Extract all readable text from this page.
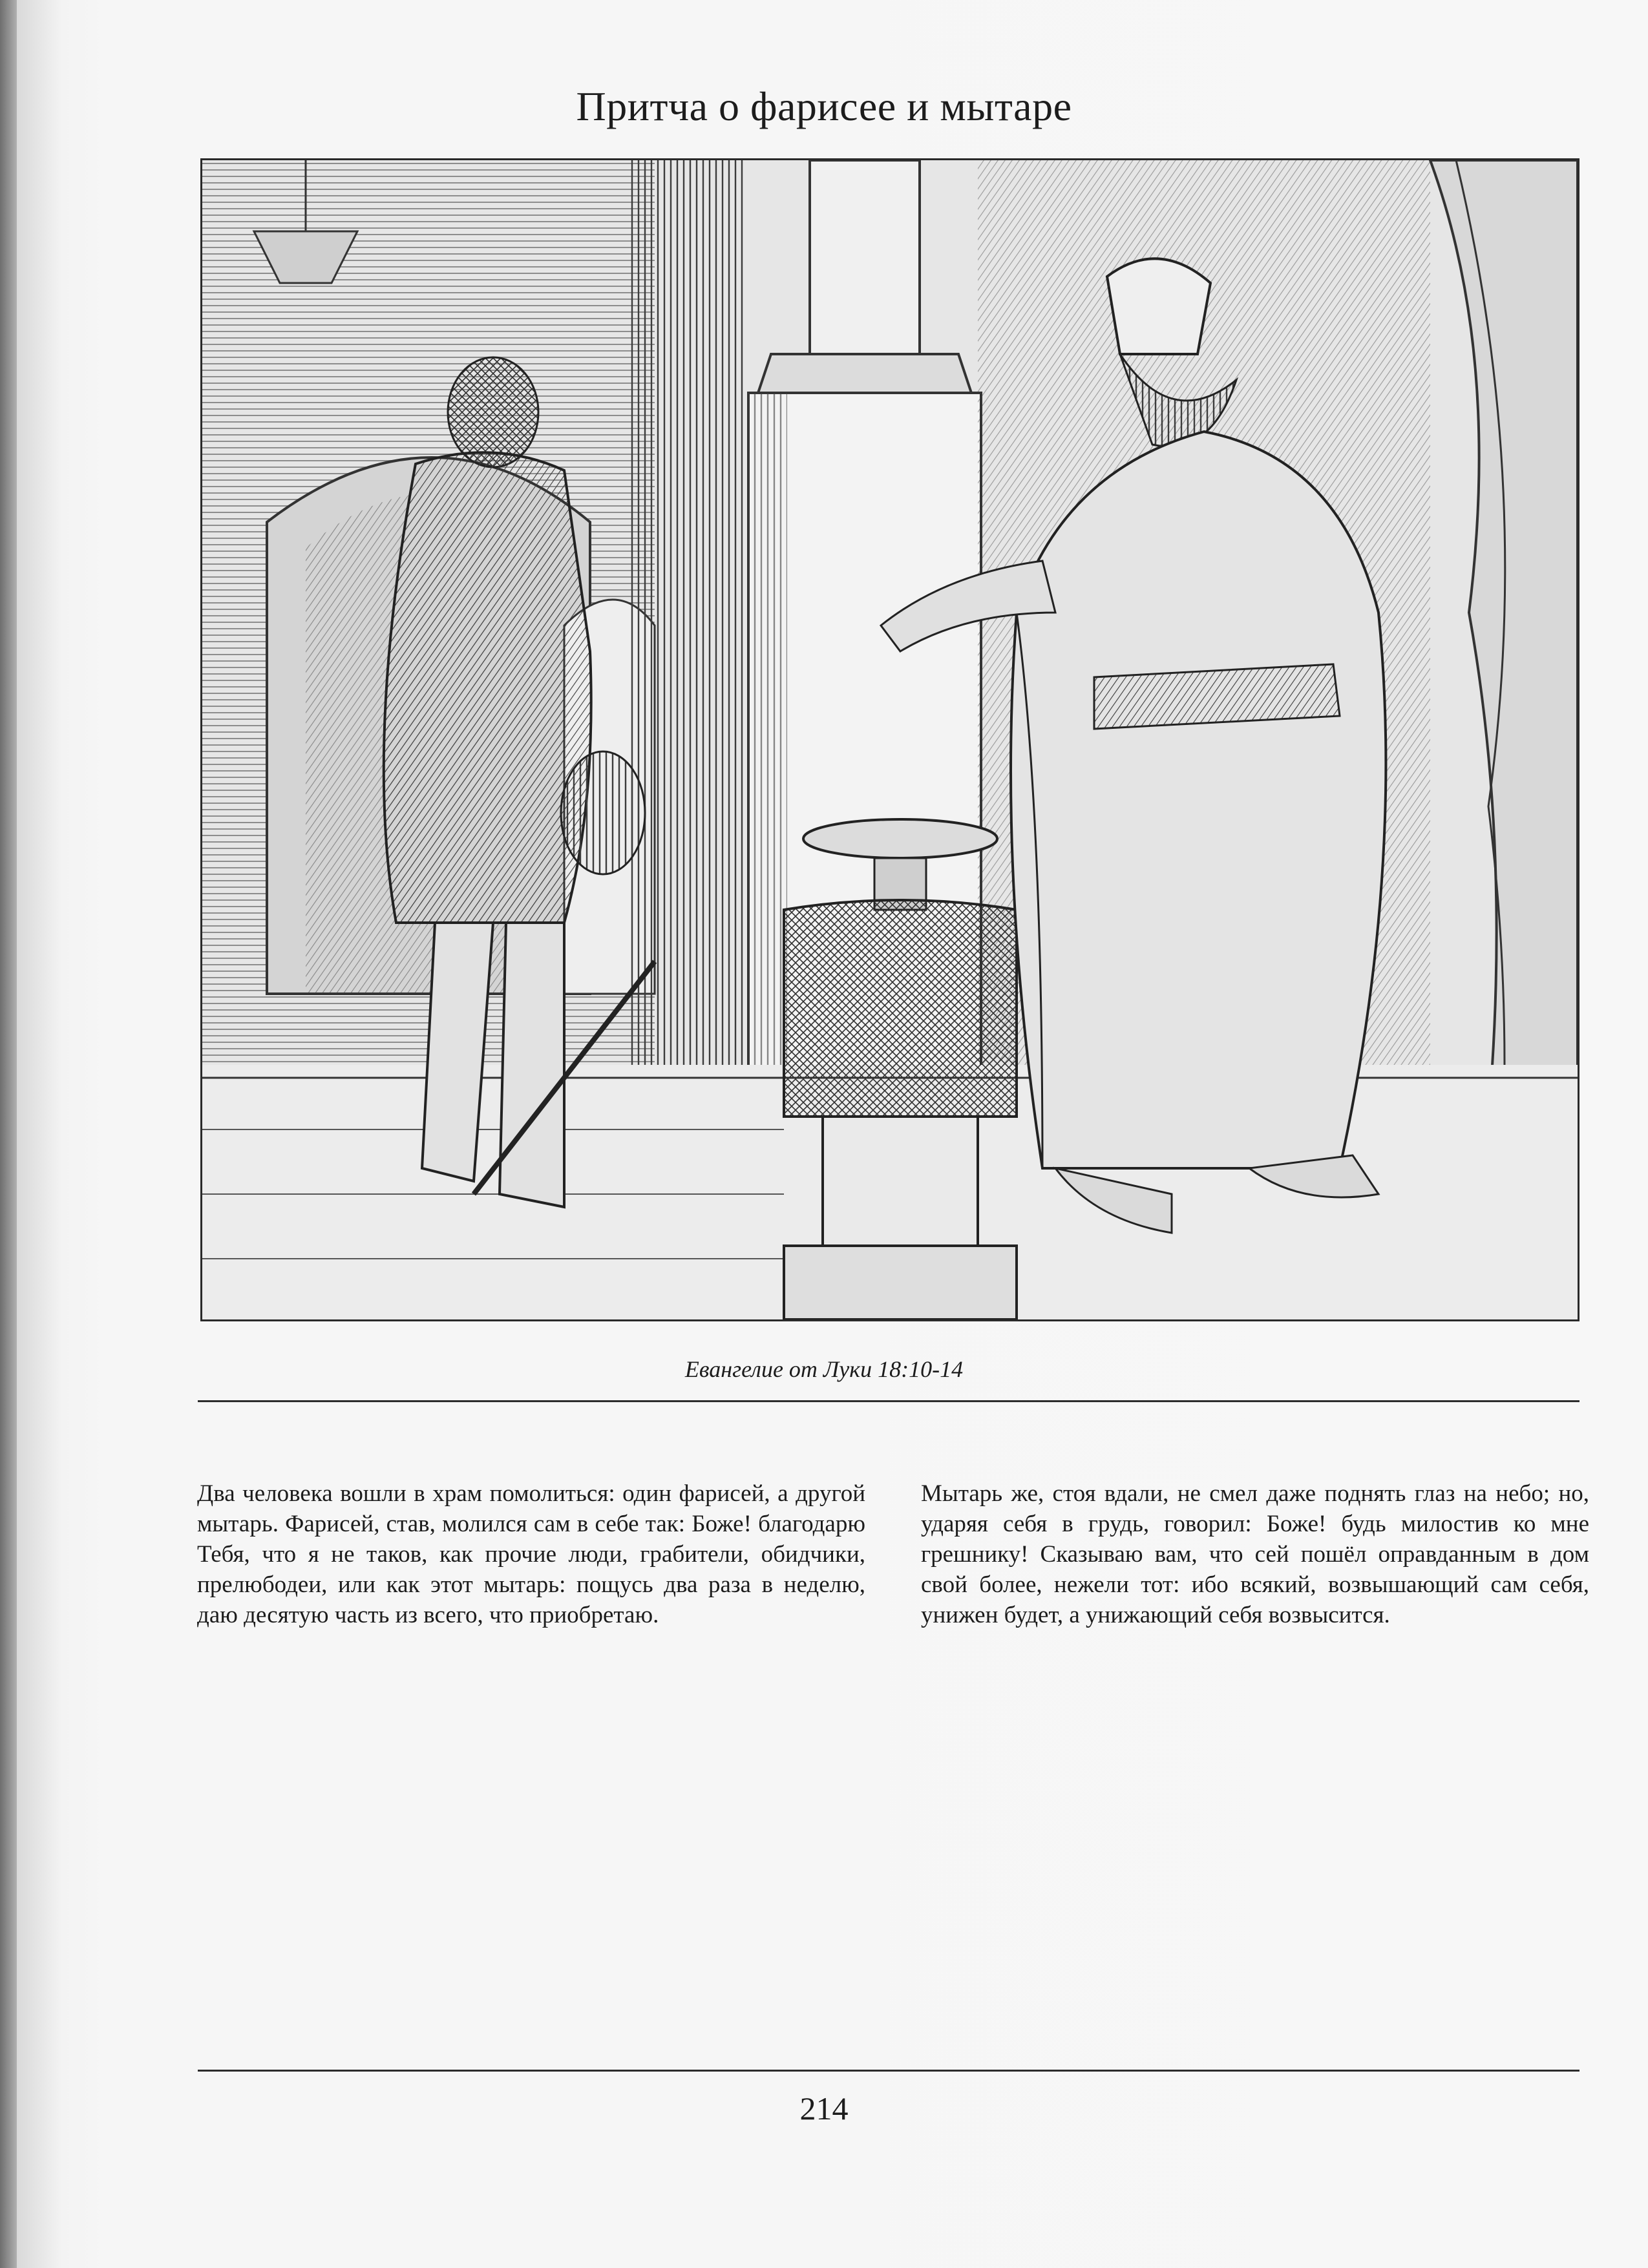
Притча о фарисее и мытаре
Евангелие от Луки 18:10-14
Два человека вошли в храм помолиться: один фарисей, а другой мытарь. Фарисей, став, молился сам в себе так: Боже! благодарю Тебя, что я не таков, как прочие люди, грабители, обидчики, прелюбодеи, или как этот мытарь: пощусь два раза в неделю, даю десятую часть из всего, что приобретаю.
Мытарь же, стоя вдали, не смел даже поднять глаз на небо; но, ударяя себя в грудь, говорил: Боже! будь милостив ко мне грешнику! Сказываю вам, что сей пошёл оправданным в дом свой более, нежели тот: ибо всякий, возвышающий сам себя, унижен будет, а унижающий себя возвысится.
214
